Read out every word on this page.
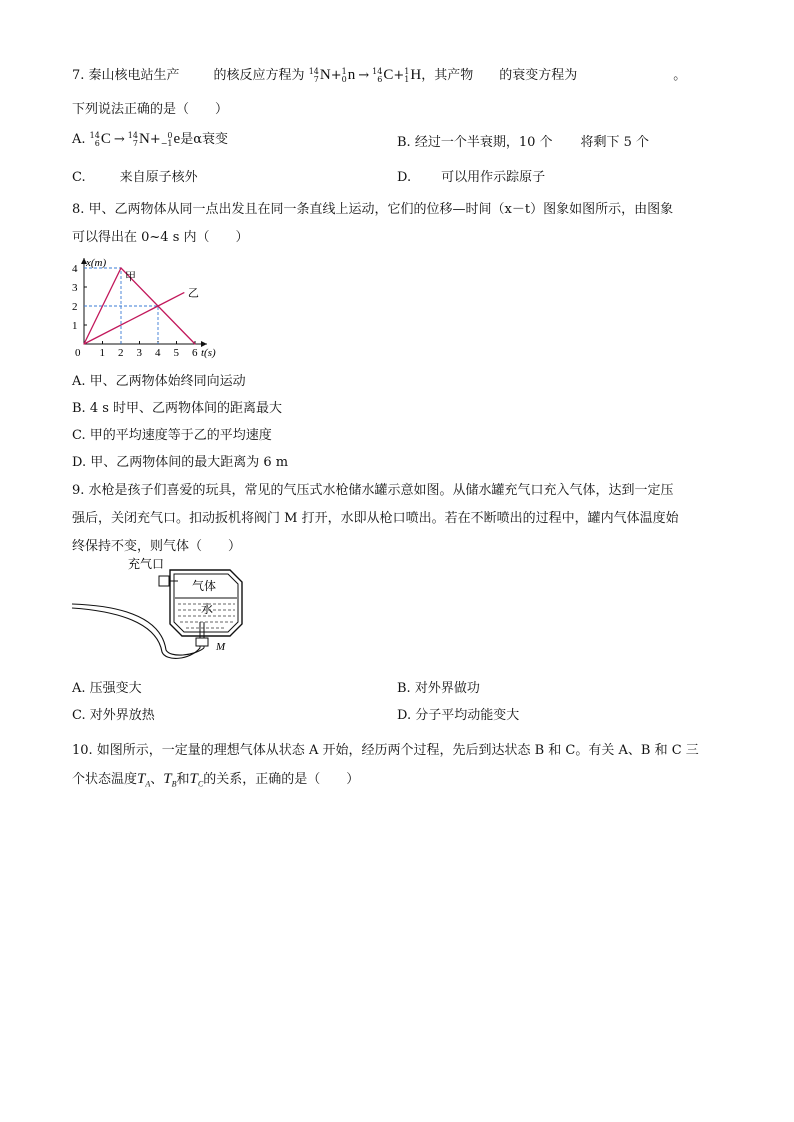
7. 秦山核电站生产	的核反应方程为 14
7 N + 1
0 n → 14
6 C + 1
1 H ，其产物 的衰变方程为	。
下列说法正确的是（　　）
A. 14
6 C → 14
7 N + 0
−1 e 是α衰变	B. 经过一个半衰期，10 个 将剩下 5 个
C.	来自原子核外	D. 可以用作示踪原子
8. 甲、乙两物体从同一点出发且在同一条直线上运动，它们的位移—时间（x－t）图象如图所示，由图象
可以得出在 0~4 s 内（　　）
0 1 2 3 4 5 6
1
2
3
4 x(m)
t(s)
甲
乙
A. 甲、乙两物体始终同向运动
B. 4 s 时甲、乙两物体间的距离最大
C. 甲的平均速度等于乙的平均速度
D. 甲、乙两物体间的最大距离为 6 m
9. 水枪是孩子们喜爱的玩具，常见的气压式水枪储水罐示意如图。从储水罐充气口充入气体，达到一定压
强后，关闭充气口。扣动扳机将阀门 M 打开，水即从枪口喷出。若在不断喷出的过程中，罐内气体温度始
终保持不变，则气体（　　）
充气口
气体
水
M
A. 压强变大	B. 对外界做功
C. 对外界放热	D. 分子平均动能变大
10. 如图所示，一定量的理想气体从状态 A 开始，经历两个过程，先后到达状态 B 和 C。有关 A、B 和 C 三
个状态温度$T_A$、$T_B$和$T_C$的关系，正确的是（　　）
